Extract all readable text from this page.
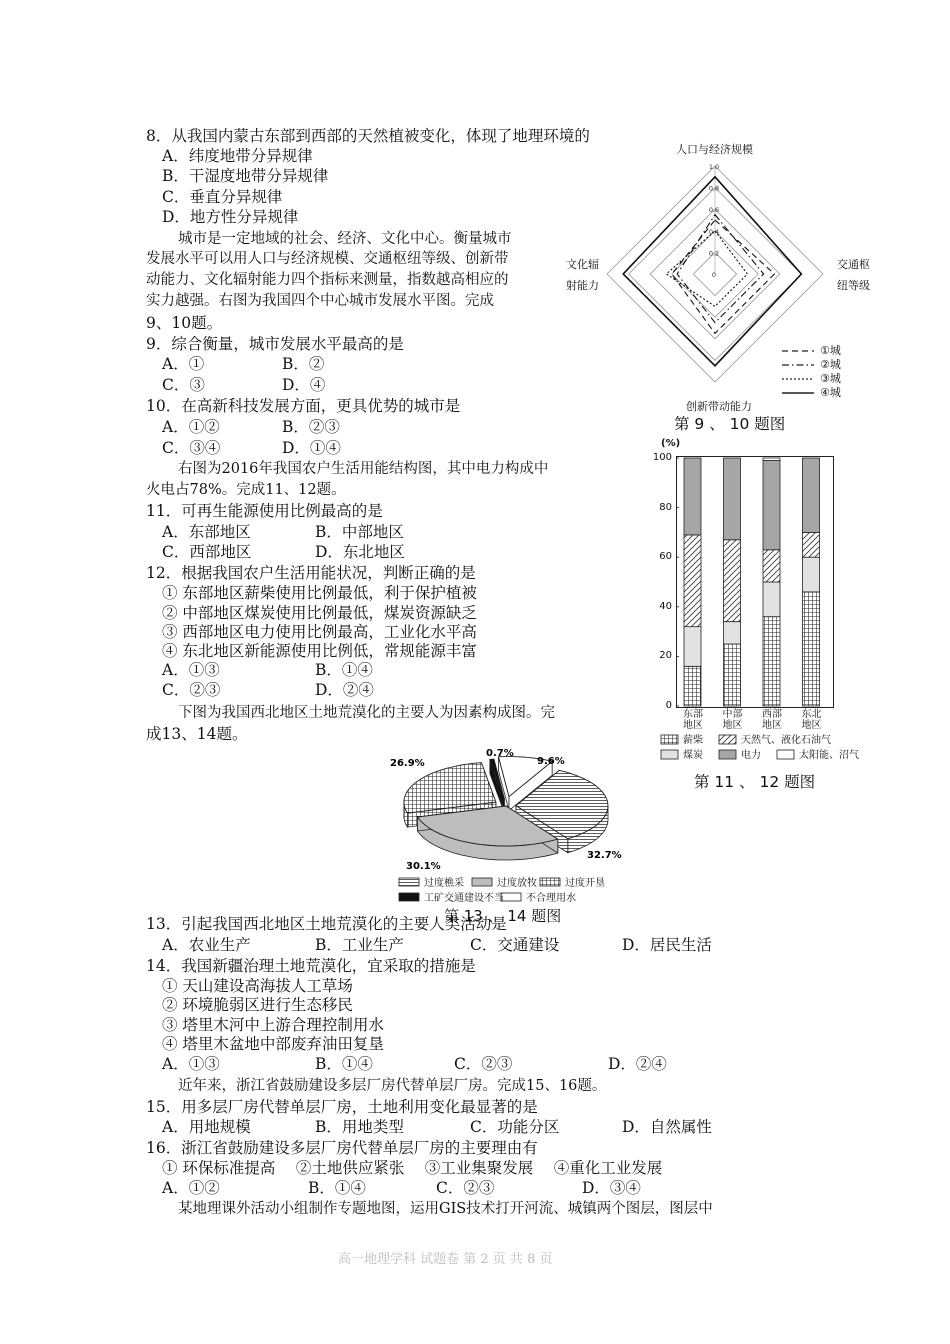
8．从我国内蒙古东部到西部的天然植被变化，体现了地理环境的
A．纬度地带分异规律
B．干湿度地带分异规律
C．垂直分异规律
D．地方性分异规律
城市是一定地域的社会、经济、文化中心。衡量城市
发展水平可以用人口与经济规模、交通枢纽等级、创新带
动能力、文化辐射能力四个指标来测量，指数越高相应的
实力越强。右图为我国四个中心城市发展水平图。完成
9、10题。
9．综合衡量，城市发展水平最高的是
A．①	B．②
C．③	D．④
10．在高新科技发展方面，更具优势的城市是
A．①②	B．②③
C．③④	D．①④
右图为2016年我国农户生活用能结构图，其中电力构成中
火电占78%。完成11、12题。
11．可再生能源使用比例最高的是
A．东部地区	B．中部地区
C．西部地区	D．东北地区
12．根据我国农户生活用能状况，判断正确的是
① 东部地区薪柴使用比例最低，利于保护植被
② 中部地区煤炭使用比例最低，煤炭资源缺乏
③ 西部地区电力使用比例最高，工业化水平高
④ 东北地区新能源使用比例低，常规能源丰富
A．①③	B．①④
C．②③	D．②④
下图为我国西北地区土地荒漠化的主要人为因素构成图。完
成13、14题。
13．引起我国西北地区土地荒漠化的主要人类活动是
A．农业生产	B．工业生产	C．交通建设	D．居民生活
14．我国新疆治理土地荒漠化，宜采取的措施是
① 天山建设高海拔人工草场
② 环境脆弱区进行生态移民
③ 塔里木河中上游合理控制用水
④ 塔里木盆地中部废弃油田复垦
A．①③	B．①④	C．②③	D．②④
近年来，浙江省鼓励建设多层厂房代替单层厂房。完成15、16题。
15．用多层厂房代替单层厂房，土地利用变化最显著的是
A．用地规模	B．用地类型	C．功能分区	D．自然属性
16．浙江省鼓励建设多层厂房代替单层厂房的主要理由有
① 环保标准提高　 ②土地供应紧张　 ③工业集聚发展　 ④重化工业发展
A．①②	B．①④	C．②③	D．③④
某地理课外活动小组制作专题地图，运用GIS技术打开河流、城镇两个图层，图层中
高一地理学科 试题卷 第 2 页 共 8 页
人口与经济规模
交通枢
纽等级
创新带动能力
文化辐
射能力
0
0.2
0.4
0.6
0.8
1.0
①城
②城
③城
④城
第 9 、 10 题图
(%)
0
20
40
60
80
100
东部地区
中部地区
西部地区
东北地区
薪柴	天然气、液化石油气
煤炭	电力	太阳能、沼气
第 11 、 12 题图
26.9%
0.7%
9.6%
32.7%
30.1%
过度樵采	过度放牧	过度开垦
工矿交通建设不当 不合理用水
第 13 、 14 题图
